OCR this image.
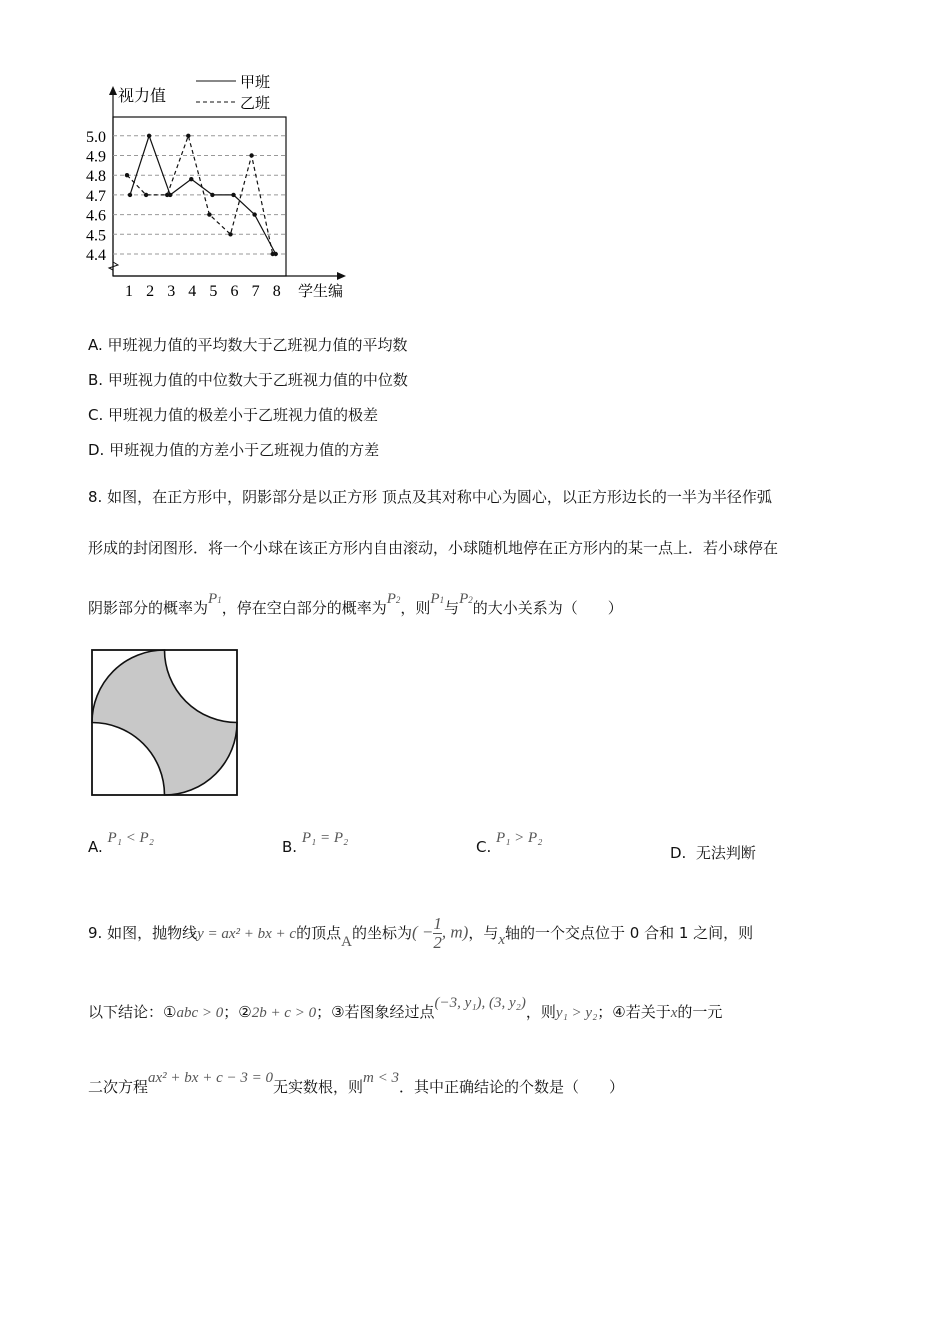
4.4
4.5
4.6
4.7
4.8
4.9
5.0
1 2 3 4 5 6 7 8
视力值
学生编
甲班
乙班
A. 甲班视力值的平均数大于乙班视力值的平均数
B. 甲班视力值的中位数大于乙班视力值的中位数
C. 甲班视力值的极差小于乙班视力值的极差
D. 甲班视力值的方差小于乙班视力值的方差
8. 如图，在正方形中，阴影部分是以正方形 顶点及其对称中心为圆心，以正方形边长的一半为半径作弧
形成的封闭图形．将一个小球在该正方形内自由滚动，小球随机地停在正方形内的某一点上．若小球停在
阴影部分的概率为P1，停在空白部分的概率为P2，则P1与P2的大小关系为（　　）
A. P₁ < P₂	B. P₁ = P₂	C. P₁ > P₂
D. 无法判断
9. 如图，抛物线y = ax² + bx + c的顶点A的坐标为( − $\frac{1}{2}$ , m)，与x轴的一个交点位于 0 合和 1 之间，则
以下结论：①abc > 0；②2b + c > 0；③若图象经过点(−3, y₁), (3, y₂)，则y₁ > y₂；④若关于x的一元
二次方程ax² + bx + c − 3 = 0无实数根，则m < 3．其中正确结论的个数是（　　）
